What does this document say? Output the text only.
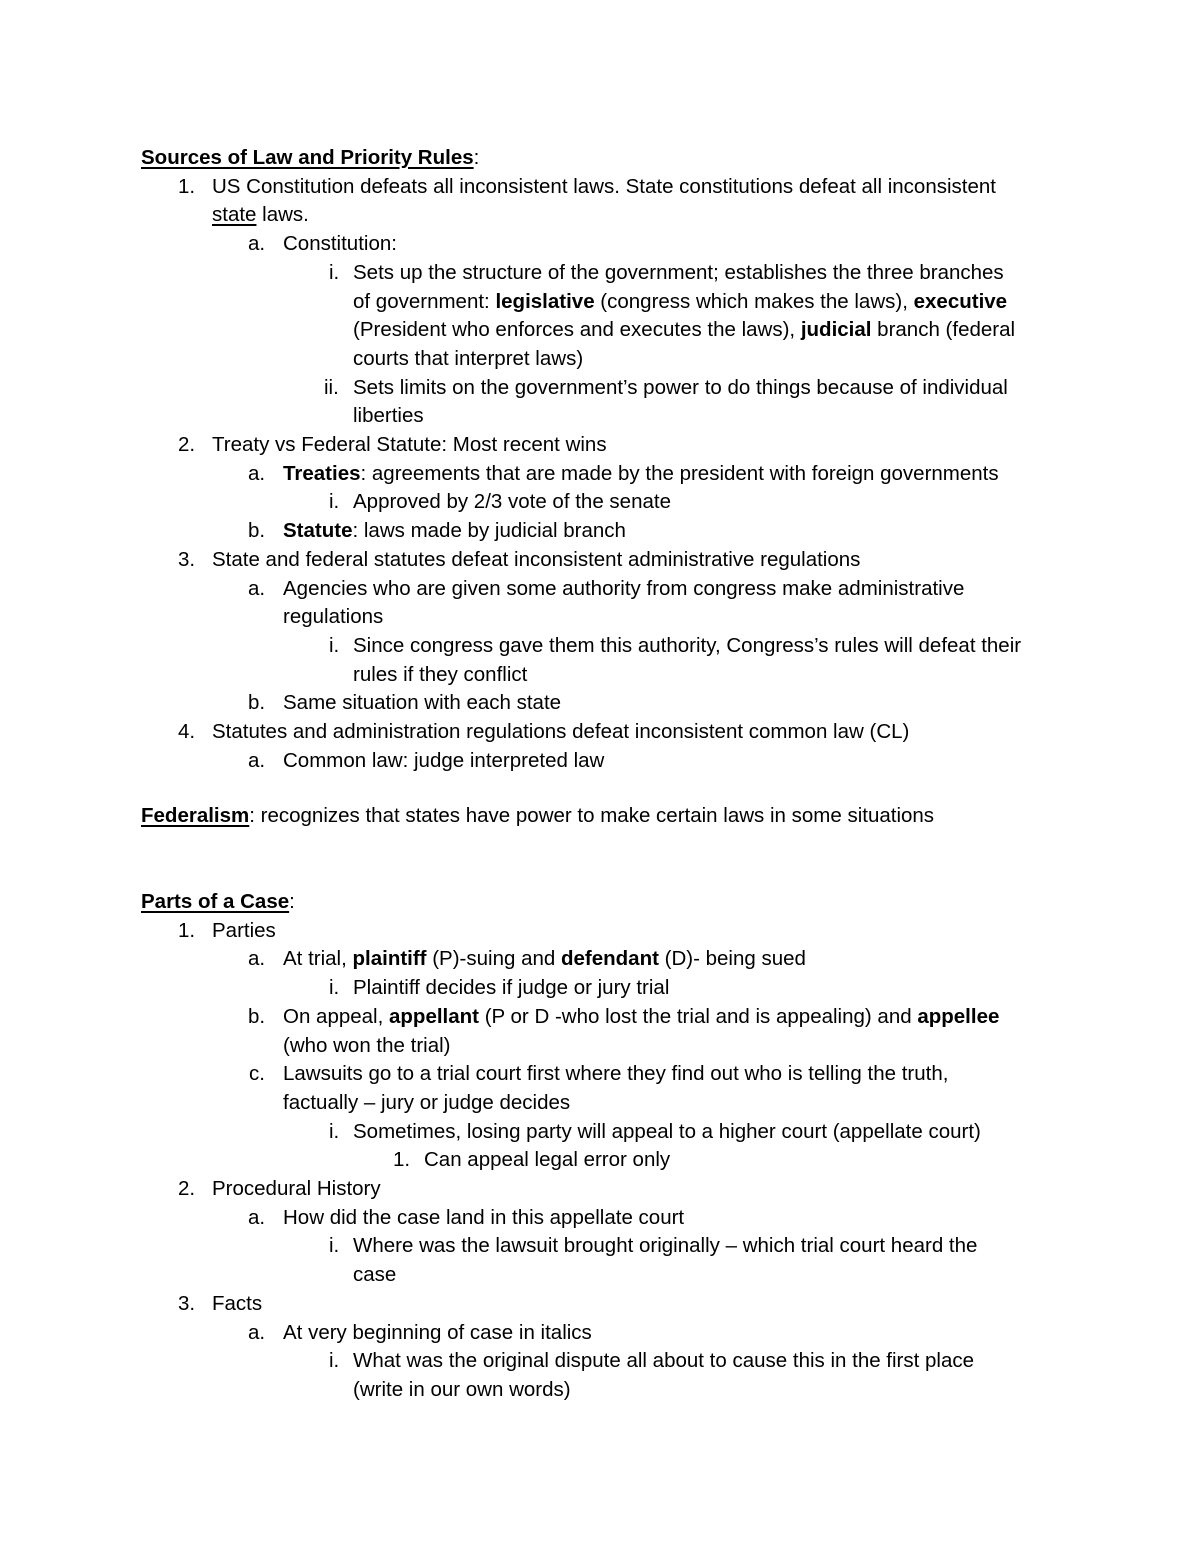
Sources of Law and Priority Rules:
1. US Constitution defeats all inconsistent laws. State constitutions defeat all inconsistent
state laws.
a. Constitution:
i. Sets up the structure of the government; establishes the three branches
of government: legislative (congress which makes the laws), executive
(President who enforces and executes the laws), judicial branch (federal
courts that interpret laws)
ii. Sets limits on the government’s power to do things because of individual
liberties
2. Treaty vs Federal Statute: Most recent wins
a. Treaties: agreements that are made by the president with foreign governments
i. Approved by 2/3 vote of the senate
b. Statute: laws made by judicial branch
3. State and federal statutes defeat inconsistent administrative regulations
a. Agencies who are given some authority from congress make administrative
regulations
i. Since congress gave them this authority, Congress’s rules will defeat their
rules if they conflict
b. Same situation with each state
4. Statutes and administration regulations defeat inconsistent common law (CL)
a. Common law: judge interpreted law
Federalism: recognizes that states have power to make certain laws in some situations
Parts of a Case:
1. Parties
a. At trial, plaintiff (P)-suing and defendant (D)- being sued
i. Plaintiff decides if judge or jury trial
b. On appeal, appellant (P or D -who lost the trial and is appealing) and appellee
(who won the trial)
c. Lawsuits go to a trial court first where they find out who is telling the truth,
factually – jury or judge decides
i. Sometimes, losing party will appeal to a higher court (appellate court)
1. Can appeal legal error only
2. Procedural History
a. How did the case land in this appellate court
i. Where was the lawsuit brought originally – which trial court heard the
case
3. Facts
a. At very beginning of case in italics
i. What was the original dispute all about to cause this in the first place
(write in our own words)
